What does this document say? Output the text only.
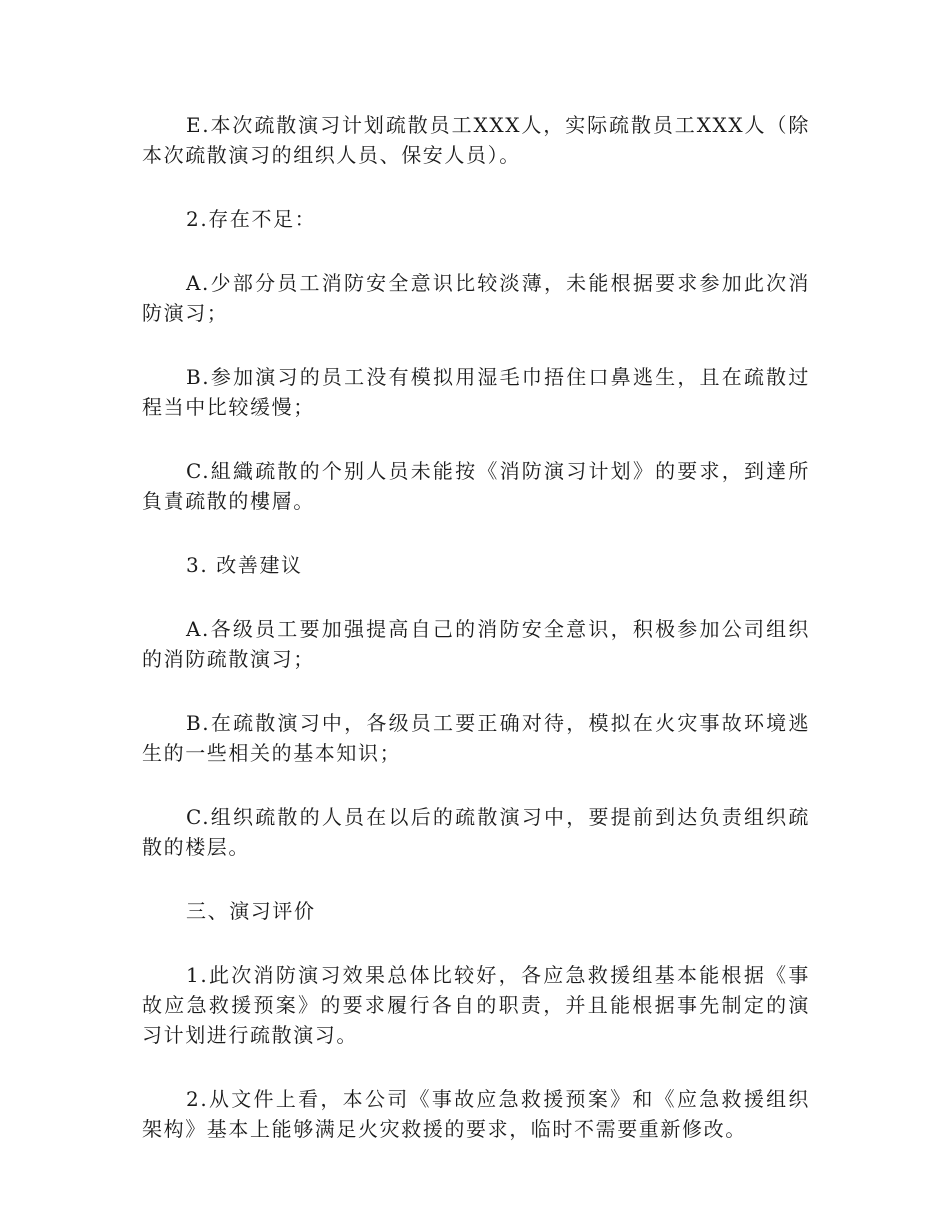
E.本次疏散演习计划疏散员工XXX人，实际疏散员工XXX人（除本次疏散演习的组织人员、保安人员）。

2.存在不足：

A.少部分员工消防安全意识比较淡薄，未能根据要求参加此次消防演习；

B.参加演习的员工没有模拟用湿毛巾捂住口鼻逃生，且在疏散过程当中比较缓慢；

C.組織疏散的个别人员未能按《消防演习计划》的要求，到達所負責疏散的樓層。

3. 改善建议

A.各级员工要加强提高自己的消防安全意识，积极参加公司组织的消防疏散演习；

B.在疏散演习中，各级员工要正确对待，模拟在火灾事故环境逃生的一些相关的基本知识；

C.组织疏散的人员在以后的疏散演习中，要提前到达负责组织疏散的楼层。

三、演习评价

1.此次消防演习效果总体比较好，各应急救援组基本能根据《事故应急救援预案》的要求履行各自的职责，并且能根据事先制定的演习计划进行疏散演习。

2.从文件上看，本公司《事故应急救援预案》和《应急救援组织架构》基本上能够满足火灾救援的要求，临时不需要重新修改。
